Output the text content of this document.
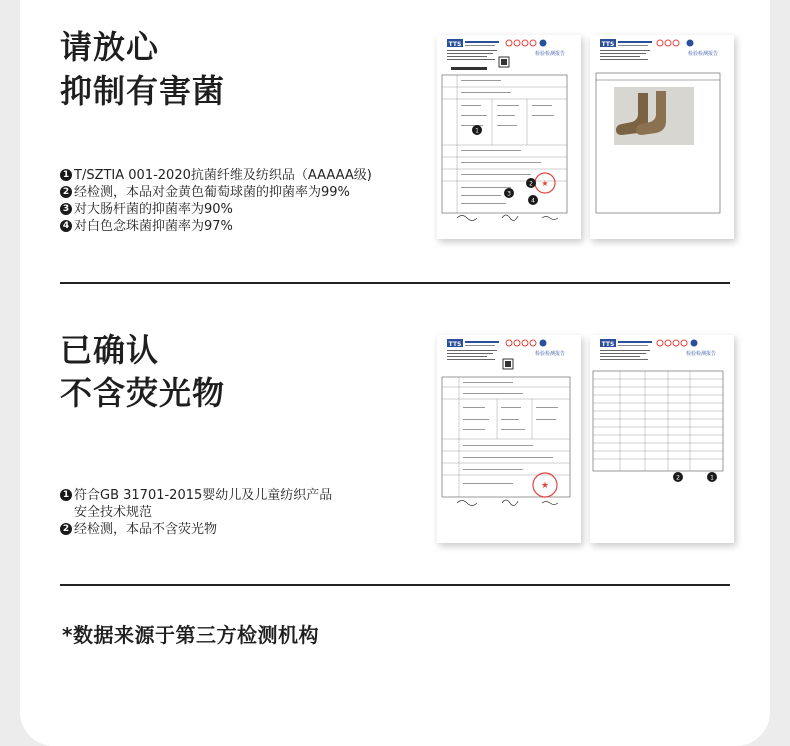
请放心
抑制有害菌
1 T/SZTIA 001-2020抗菌纤维及纺织品（AAAAA级)
2 经检测，本品对金黄色葡萄球菌的抑菌率为99%
3 对大肠杆菌的抑菌率为90%
4 对白色念珠菌抑菌率为97%
TTS
检验检测报告
★
1
2
3
4
TTS
检验检测报告
已确认
不含荧光物
1 符合GB 31701-2015婴幼儿及儿童纺织产品
安全技术规范
2 经检测，本品不含荧光物
TTS
检验检测报告
★
TTS
检验检测报告
2	1
*数据来源于第三方检测机构
